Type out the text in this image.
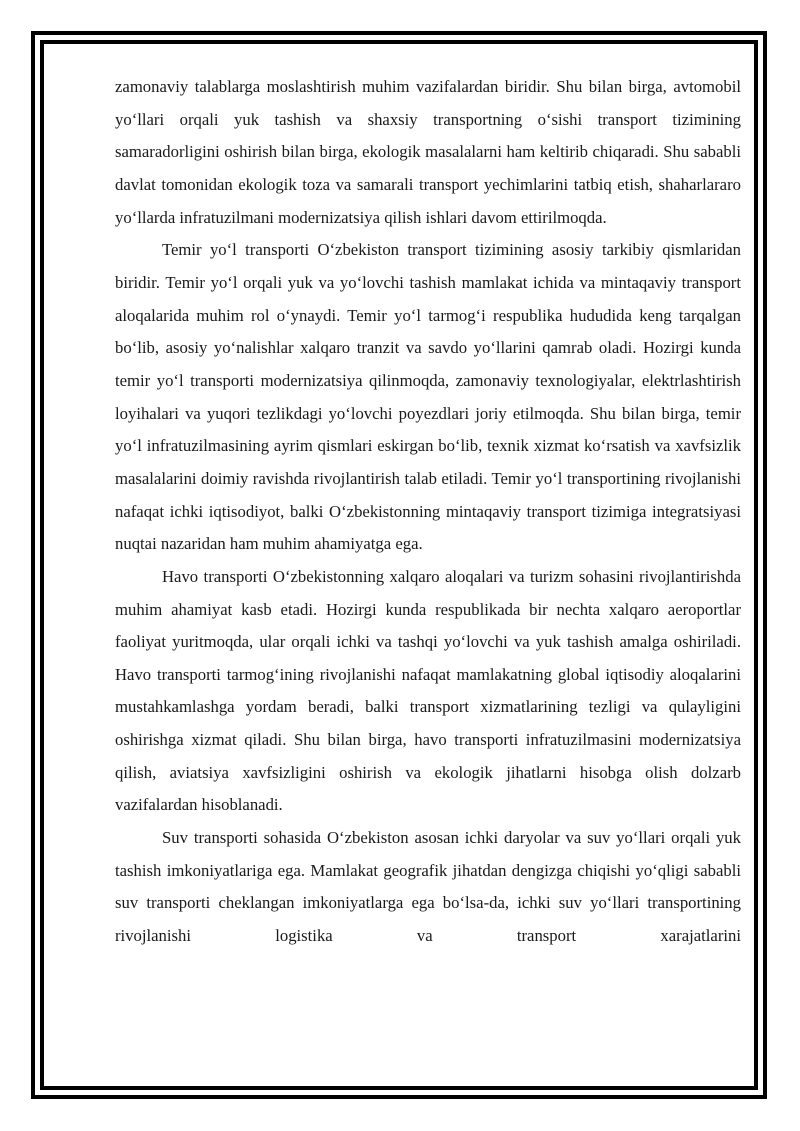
zamonaviy talablarga moslashtirish muhim vazifalardan biridir. Shu bilan birga, avtomobil yo‘llari orqali yuk tashish va shaxsiy transportning o‘sishi transport tizimining samaradorligini oshirish bilan birga, ekologik masalalarni ham keltirib chiqaradi. Shu sababli davlat tomonidan ekologik toza va samarali transport yechimlarini tatbiq etish, shaharlararo yo‘llarda infratuzilmani modernizatsiya qilish ishlari davom ettirilmoqda.

Temir yo‘l transporti O‘zbekiston transport tizimining asosiy tarkibiy qismlaridan biridir. Temir yo‘l orqali yuk va yo‘lovchi tashish mamlakat ichida va mintaqaviy transport aloqalarida muhim rol o‘ynaydi. Temir yo‘l tarmog‘i respublika hududida keng tarqalgan bo‘lib, asosiy yo‘nalishlar xalqaro tranzit va savdo yo‘llarini qamrab oladi. Hozirgi kunda temir yo‘l transporti modernizatsiya qilinmoqda, zamonaviy texnologiyalar, elektrlashtirish loyihalari va yuqori tezlikdagi yo‘lovchi poyezdlari joriy etilmoqda. Shu bilan birga, temir yo‘l infratuzilmasining ayrim qismlari eskirgan bo‘lib, texnik xizmat ko‘rsatish va xavfsizlik masalalarini doimiy ravishda rivojlantirish talab etiladi. Temir yo‘l transportining rivojlanishi nafaqat ichki iqtisodiyot, balki O‘zbekistonning mintaqaviy transport tizimiga integratsiyasi nuqtai nazaridan ham muhim ahamiyatga ega.

Havo transporti O‘zbekistonning xalqaro aloqalari va turizm sohasini rivojlantirishda muhim ahamiyat kasb etadi. Hozirgi kunda respublikada bir nechta xalqaro aeroportlar faoliyat yuritmoqda, ular orqali ichki va tashqi yo‘lovchi va yuk tashish amalga oshiriladi. Havo transporti tarmog‘ining rivojlanishi nafaqat mamlakatning global iqtisodiy aloqalarini mustahkamlashga yordam beradi, balki transport xizmatlarining tezligi va qulayligini oshirishga xizmat qiladi. Shu bilan birga, havo transporti infratuzilmasini modernizatsiya qilish, aviatsiya xavfsizligini oshirish va ekologik jihatlarni hisobga olish dolzarb vazifalardan hisoblanadi.

Suv transporti sohasida O‘zbekiston asosan ichki daryolar va suv yo‘llari orqali yuk tashish imkoniyatlariga ega. Mamlakat geografik jihatdan dengizga chiqishi yo‘qligi sababli suv transporti cheklangan imkoniyatlarga ega bo‘lsa-da, ichki suv yo‘llari transportining rivojlanishi logistika va transport xarajatlarini
